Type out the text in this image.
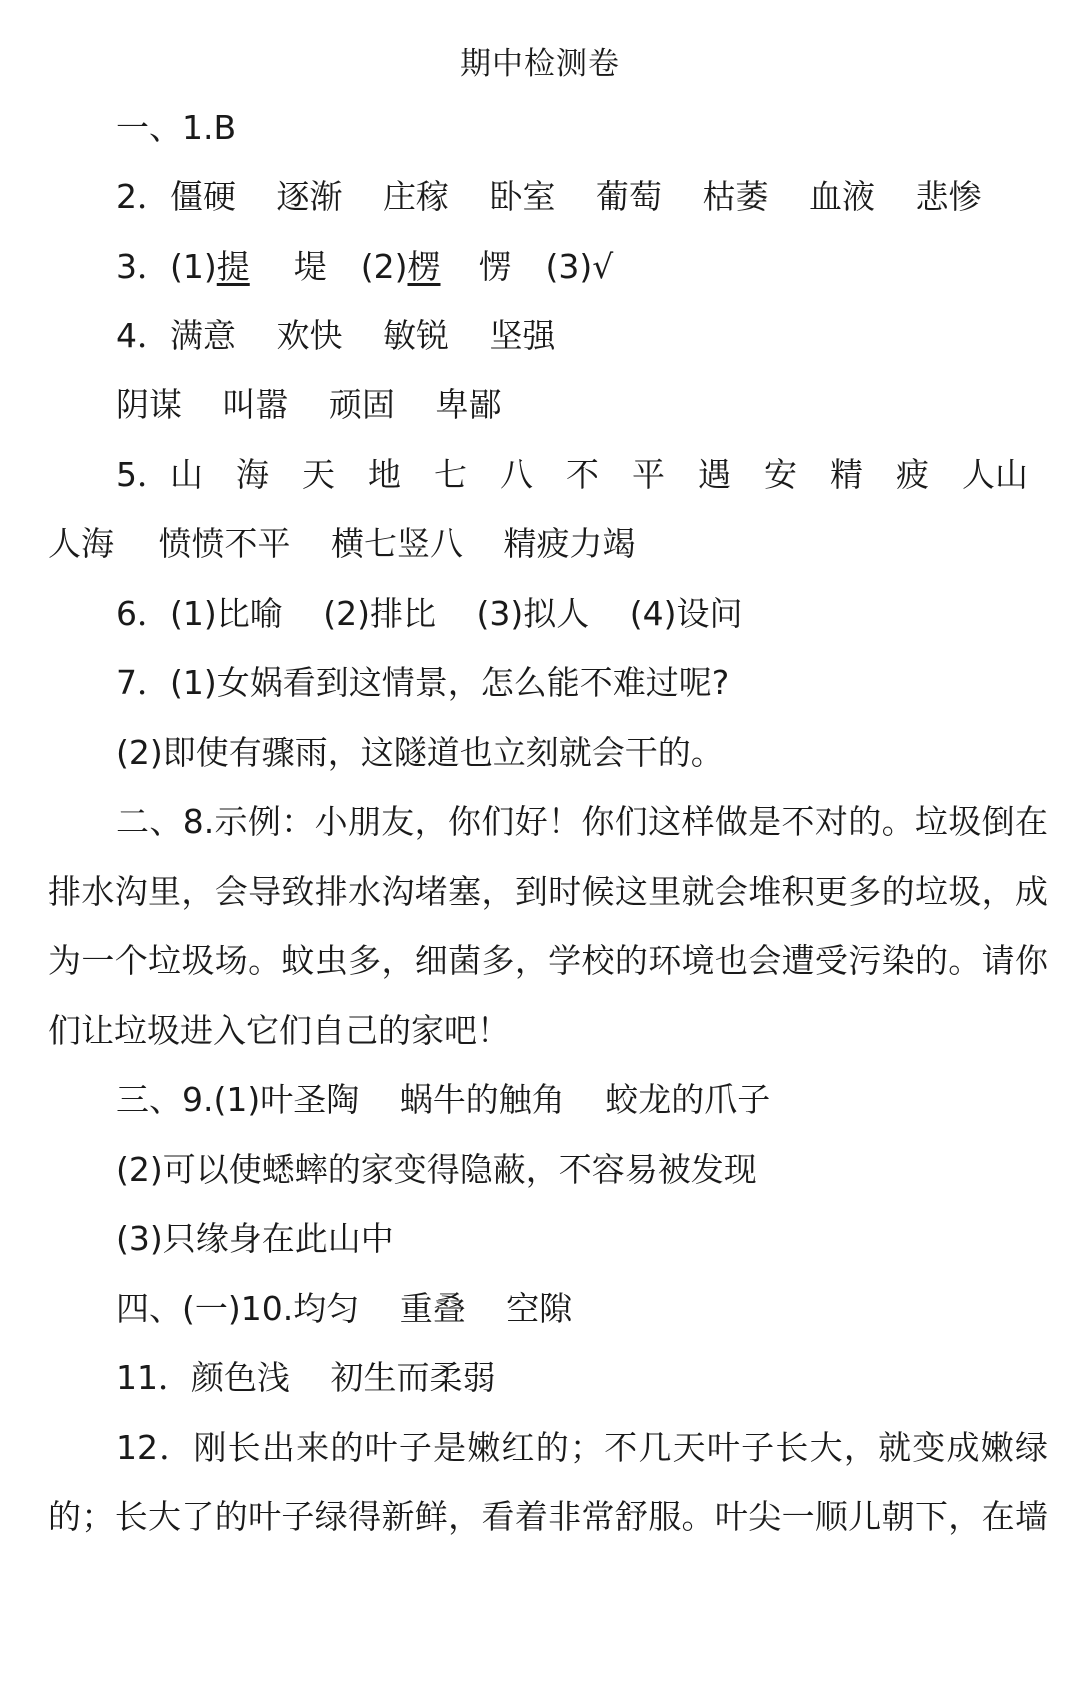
期中检测卷
一、1.B
2．僵硬 逐渐 庄稼 卧室 葡萄 枯萎 血液 悲惨
3．(1)提 堤 (2)楞 愣 (3)√
4．满意 欢快 敏锐 坚强
阴谋 叫嚣 顽固 卑鄙
5．山　海　天　地　七　八　不　平　遇　安　精　疲　人山
人海 愤愤不平 横七竖八 精疲力竭
6．(1)比喻 (2)排比 (3)拟人 (4)设问
7．(1)女娲看到这情景，怎么能不难过呢?
(2)即使有骤雨，这隧道也立刻就会干的。
二、8.示例：小朋友，你们好！你们这样做是不对的。垃圾倒在
排水沟里，会导致排水沟堵塞，到时候这里就会堆积更多的垃圾，成
为一个垃圾场。蚊虫多，细菌多，学校的环境也会遭受污染的。请你
们让垃圾进入它们自己的家吧！
三、9.(1)叶圣陶 蜗牛的触角 蛟龙的爪子
(2)可以使蟋蟀的家变得隐蔽，不容易被发现
(3)只缘身在此山中
四、(一)10.均匀 重叠 空隙
11．颜色浅 初生而柔弱
12．刚长出来的叶子是嫩红的；不几天叶子长大，就变成嫩绿
的；长大了的叶子绿得新鲜，看着非常舒服。叶尖一顺儿朝下，在墙
